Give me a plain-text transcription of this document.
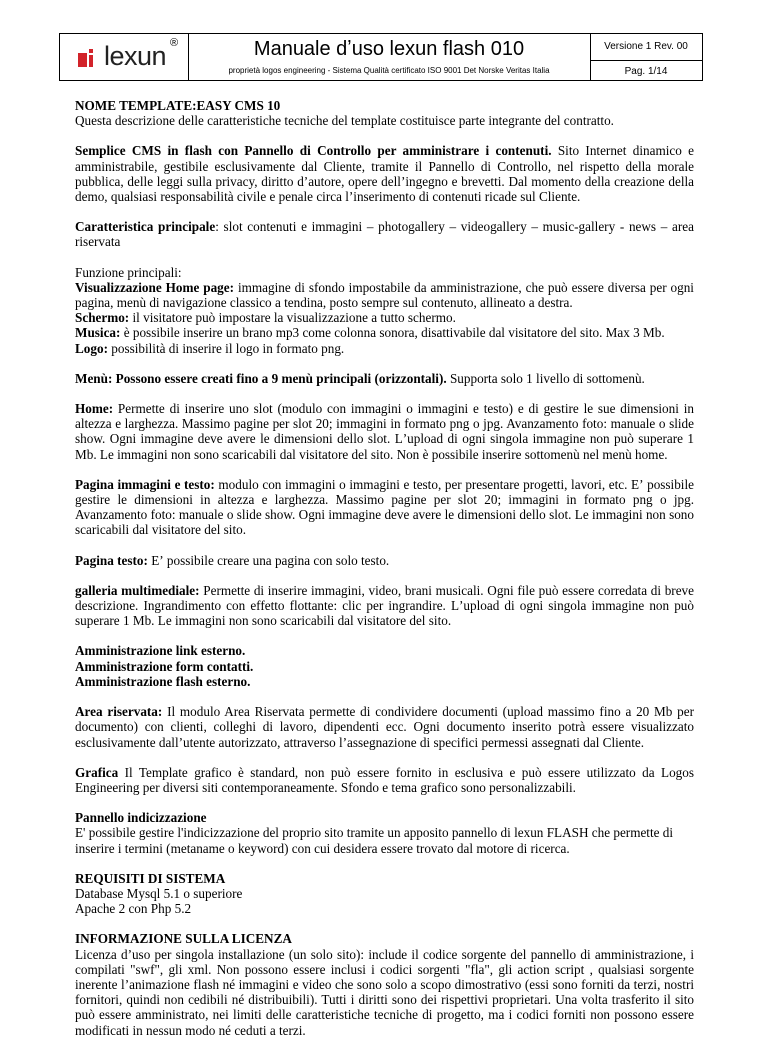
lexun ®	Manuale dʼuso lexun flash 010
proprietà logos engineering - Sistema Qualità certificato ISO 9001 Det Norske Veritas Italia
Versione 1 Rev. 00
Pag. 1/14

NOME TEMPLATE:EASY CMS 10
Questa descrizione delle caratteristiche tecniche del template costituisce parte integrante del contratto.

Semplice CMS in flash con Pannello di Controllo per amministrare i contenuti. Sito Internet dinamico e amministrabile, gestibile esclusivamente dal Cliente, tramite il Pannello di Controllo, nel rispetto della morale pubblica, delle leggi sulla privacy, diritto dʼautore, opere dellʼingegno e brevetti. Dal momento della creazione della demo, qualsiasi responsabilità civile e penale circa lʼinserimento di contenuti ricade sul Cliente.

Caratteristica principale: slot contenuti e immagini – photogallery – videogallery – music-gallery - news – area riservata

Funzione principali:
Visualizzazione Home page: immagine di sfondo impostabile da amministrazione, che può essere diversa per ogni pagina, menù di navigazione classico a tendina, posto sempre sul contenuto, allineato a destra.
Schermo: il visitatore può impostare la visualizzazione a tutto schermo.
Musica: è possibile inserire un brano mp3 come colonna sonora, disattivabile dal visitatore del sito. Max 3 Mb.
Logo: possibilità di inserire il logo in formato png.

Menù: Possono essere creati fino a 9 menù principali (orizzontali). Supporta solo 1 livello di sottomenù.

Home: Permette di inserire uno slot (modulo con immagini o immagini e testo) e di gestire le sue dimensioni in altezza e larghezza. Massimo pagine per slot 20; immagini in formato png o jpg. Avanzamento foto: manuale o slide show. Ogni immagine deve avere le dimensioni dello slot. Lʼupload di ogni singola immagine non può superare 1 Mb. Le immagini non sono scaricabili dal visitatore del sito. Non è possibile inserire sottomenù nel menù home.

Pagina immagini e testo: modulo con immagini o immagini e testo, per presentare progetti, lavori, etc. Eʼ possibile gestire le dimensioni in altezza e larghezza. Massimo pagine per slot 20; immagini in formato png o jpg. Avanzamento foto: manuale o slide show. Ogni immagine deve avere le dimensioni dello slot. Le immagini non sono scaricabili dal visitatore del sito.

Pagina testo: Eʼ possibile creare una pagina con solo testo.

galleria multimediale: Permette di inserire immagini, video, brani musicali. Ogni file può essere corredata di breve descrizione. Ingrandimento con effetto flottante: clic per ingrandire. Lʼupload di ogni singola immagine non può superare 1 Mb. Le immagini non sono scaricabili dal visitatore del sito.

Amministrazione link esterno.
Amministrazione form contatti.
Amministrazione flash esterno.

Area riservata: Il modulo Area Riservata permette di condividere documenti (upload massimo fino a 20 Mb per documento) con clienti, colleghi di lavoro, dipendenti ecc. Ogni documento inserito potrà essere visualizzato esclusivamente dallʼutente autorizzato, attraverso lʼassegnazione di specifici permessi assegnati dal Cliente.

Grafica Il Template grafico è standard, non può essere fornito in esclusiva e può essere utilizzato da Logos Engineering per diversi siti contemporaneamente. Sfondo e tema grafico sono personalizzabili.

Pannello indicizzazione
E' possibile gestire l'indicizzazione del proprio sito tramite un apposito pannello di lexun FLASH che permette di inserire i termini (metaname o keyword) con cui desidera essere trovato dal motore di ricerca.

REQUISITI DI SISTEMA
Database Mysql 5.1 o superiore
Apache 2 con Php 5.2

INFORMAZIONE SULLA LICENZA
Licenza dʼuso per singola installazione (un solo sito): include il codice sorgente del pannello di amministrazione, i compilati "swf", gli xml. Non possono essere inclusi i codici sorgenti "fla", gli action script , qualsiasi sorgente inerente lʼanimazione flash né immagini e video che sono solo a scopo dimostrativo (essi sono forniti da terzi, nostri fornitori, quindi non cedibili né distribuibili). Tutti i diritti sono dei rispettivi proprietari. Una volta trasferito il sito può essere amministrato, nei limiti delle caratteristiche tecniche di progetto, ma i codici forniti non possono essere modificati in nessun modo né ceduti a terzi.
